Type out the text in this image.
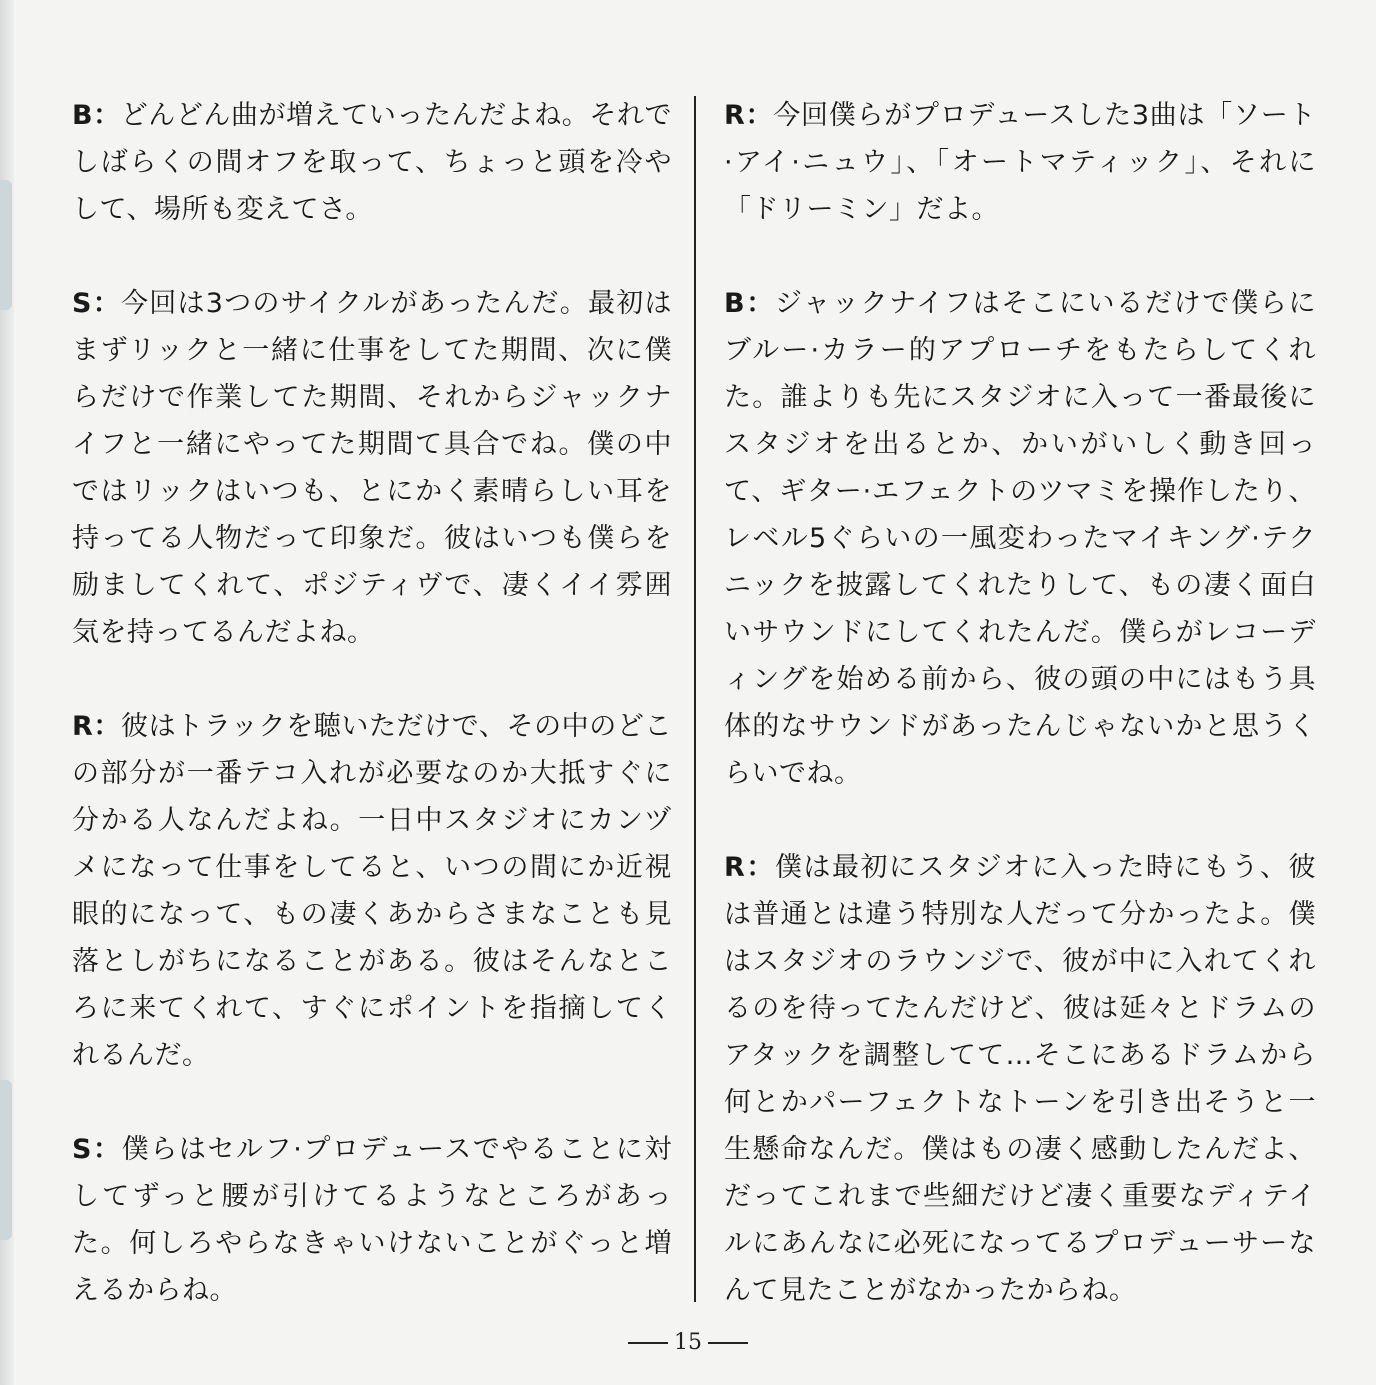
B：どんどん曲が増えていったんだよね。それでしばらくの間オフを取って、ちょっと頭を冷やして、場所も変えてさ。

S：今回は3つのサイクルがあったんだ。最初はまずリックと一緒に仕事をしてた期間、次に僕らだけで作業してた期間、それからジャックナイフと一緒にやってた期間て具合でね。僕の中ではリックはいつも、とにかく素晴らしい耳を持ってる人物だって印象だ。彼はいつも僕らを励ましてくれて、ポジティヴで、凄くイイ雰囲気を持ってるんだよね。

R：彼はトラックを聴いただけで、その中のどこの部分が一番テコ入れが必要なのか大抵すぐに分かる人なんだよね。一日中スタジオにカンヅメになって仕事をしてると、いつの間にか近視眼的になって、もの凄くあからさまなことも見落としがちになることがある。彼はそんなところに来てくれて、すぐにポイントを指摘してくれるんだ。

S：僕らはセルフ·プロデュースでやることに対してずっと腰が引けてるようなところがあった。何しろやらなきゃいけないことがぐっと増えるからね。

R：今回僕らがプロデュースした3曲は「ソート·アイ·ニュウ」、「オートマティック」、それに「ドリーミン」だよ。

B：ジャックナイフはそこにいるだけで僕らにブルー·カラー的アプローチをもたらしてくれた。誰よりも先にスタジオに入って一番最後にスタジオを出るとか、かいがいしく動き回って、ギター·エフェクトのツマミを操作したり、レベル5ぐらいの一風変わったマイキング·テクニックを披露してくれたりして、もの凄く面白いサウンドにしてくれたんだ。僕らがレコーディングを始める前から、彼の頭の中にはもう具体的なサウンドがあったんじゃないかと思うくらいでね。

R：僕は最初にスタジオに入った時にもう、彼は普通とは違う特別な人だって分かったよ。僕はスタジオのラウンジで、彼が中に入れてくれるのを待ってたんだけど、彼は延々とドラムのアタックを調整してて…そこにあるドラムから何とかパーフェクトなトーンを引き出そうと一生懸命なんだ。僕はもの凄く感動したんだよ、だってこれまで些細だけど凄く重要なディテイルにあんなに必死になってるプロデューサーなんて見たことがなかったからね。

15
